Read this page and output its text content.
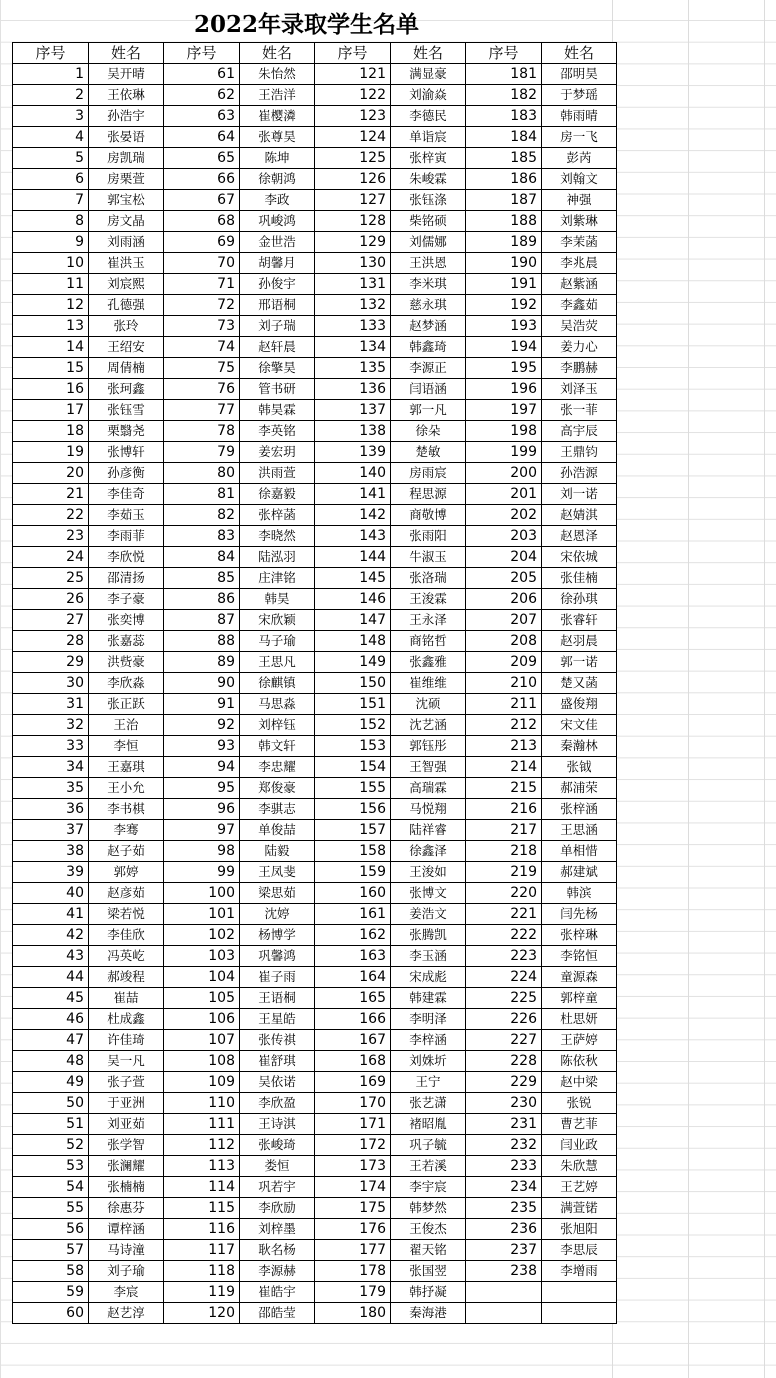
2022年录取学生名单
序号	姓名	序号	姓名	序号	姓名	序号	姓名
1	吴开晴	61	朱怡然	121	满显豪	181	邵明昊
2	王依琳	62	王浩洋	122	刘渝焱	182	于梦瑶
3	孙浩宇	63	崔樱潾	123	李德民	183	韩雨晴
4	张晏语	64	张尊昊	124	单诣宸	184	房一飞
5	房凯瑞	65	陈坤	125	张梓寅	185	彭芮
6	房栗萱	66	徐朝鸿	126	朱峻霖	186	刘翰文
7	郭宝松	67	李政	127	张钰涤	187	神强
8	房文晶	68	巩峻鸿	128	柴铭硕	188	刘紫琳
9	刘雨涵	69	金世浩	129	刘儒娜	189	李茉菡
10	崔洪玉	70	胡馨月	130	王洪恩	190	李兆晨
11	刘宸熙	71	孙俊宇	131	李米琪	191	赵紫涵
12	孔德强	72	邢语桐	132	慈永琪	192	李鑫茹
13	张玲	73	刘子瑞	133	赵梦涵	193	吴浩荧
14	王绍安	74	赵轩晨	134	韩鑫琦	194	姜力心
15	周倩楠	75	徐擎昊	135	李源正	195	李鹏赫
16	张珂鑫	76	管书研	136	闫语涵	196	刘泽玉
17	张钰雪	77	韩昊霖	137	郭一凡	197	张一菲
18	栗翳尧	78	李英铭	138	徐朵	198	高宇辰
19	张博轩	79	姜宏玥	139	楚敏	199	王鼎钧
20	孙彦衡	80	洪雨萱	140	房雨宸	200	孙浩源
21	李佳奇	81	徐嘉毅	141	程思源	201	刘一诺
22	李茹玉	82	张梓菡	142	商敬博	202	赵婧淇
23	李雨菲	83	李晓然	143	张雨阳	203	赵恩泽
24	李欣悦	84	陆泓羽	144	牛淑玉	204	宋依城
25	邵清扬	85	庄津铭	145	张洛瑞	205	张佳楠
26	李子豪	86	韩昊	146	王浚霖	206	徐孙琪
27	张奕博	87	宋欣颖	147	王永泽	207	张睿轩
28	张嘉蕊	88	马子瑜	148	商铭哲	208	赵羽晨
29	洪赀豪	89	王思凡	149	张鑫雅	209	郭一诺
30	李欣淼	90	徐麒镇	150	崔维维	210	楚又菡
31	张正跃	91	马思淼	151	沈硕	211	盛俊翔
32	王治	92	刘梓钰	152	沈艺涵	212	宋文佳
33	李恒	93	韩文轩	153	郭钰彤	213	秦瀚林
34	王嘉琪	94	李忠耀	154	王智强	214	张钺
35	王小允	95	郑俊豪	155	高瑞霖	215	郝浦荣
36	李书棋	96	李骐志	156	马悦翔	216	张梓涵
37	李骞	97	单俊喆	157	陆祥睿	217	王思涵
38	赵子茹	98	陆毅	158	徐鑫泽	218	单相惜
39	郭婷	99	王凤斐	159	王浚如	219	郝建斌
40	赵彦茹	100	梁思茹	160	张博文	220	韩滨
41	梁若悦	101	沈婷	161	姜浩文	221	闫先杨
42	李佳欣	102	杨博学	162	张腾凯	222	张梓琳
43	冯英屹	103	巩馨鸿	163	李玉涵	223	李铭恒
44	郝竣程	104	崔子雨	164	宋成彪	224	童源森
45	崔喆	105	王语桐	165	韩建霖	225	郭梓童
46	杜成鑫	106	王星皓	166	李明泽	226	杜思妍
47	许佳琦	107	张传祺	167	李梓涵	227	王萨婷
48	吴一凡	108	崔舒琪	168	刘姝圻	228	陈依秋
49	张子萱	109	吴依诺	169	王宁	229	赵中梁
50	于亚洲	110	李欣盈	170	张艺潇	230	张锐
51	刘亚茹	111	王诗淇	171	褚昭胤	231	曹艺菲
52	张学智	112	张峻琦	172	巩子毓	232	闫业政
53	张澜耀	113	娄恒	173	王若溪	233	朱欣慧
54	张楠楠	114	巩若宇	174	李宇宸	234	王艺婷
55	徐惠芬	115	李欣励	175	韩梦然	235	满萱锘
56	谭梓涵	116	刘梓墨	176	王俊杰	236	张旭阳
57	马诗潼	117	耿名杨	177	翟天铭	237	李思辰
58	刘子瑜	118	李源赫	178	张国翌	238	李增雨
59	李宸	119	崔皓宇	179	韩抒凝		
60	赵艺淳	120	邵皓莹	180	秦海港		
